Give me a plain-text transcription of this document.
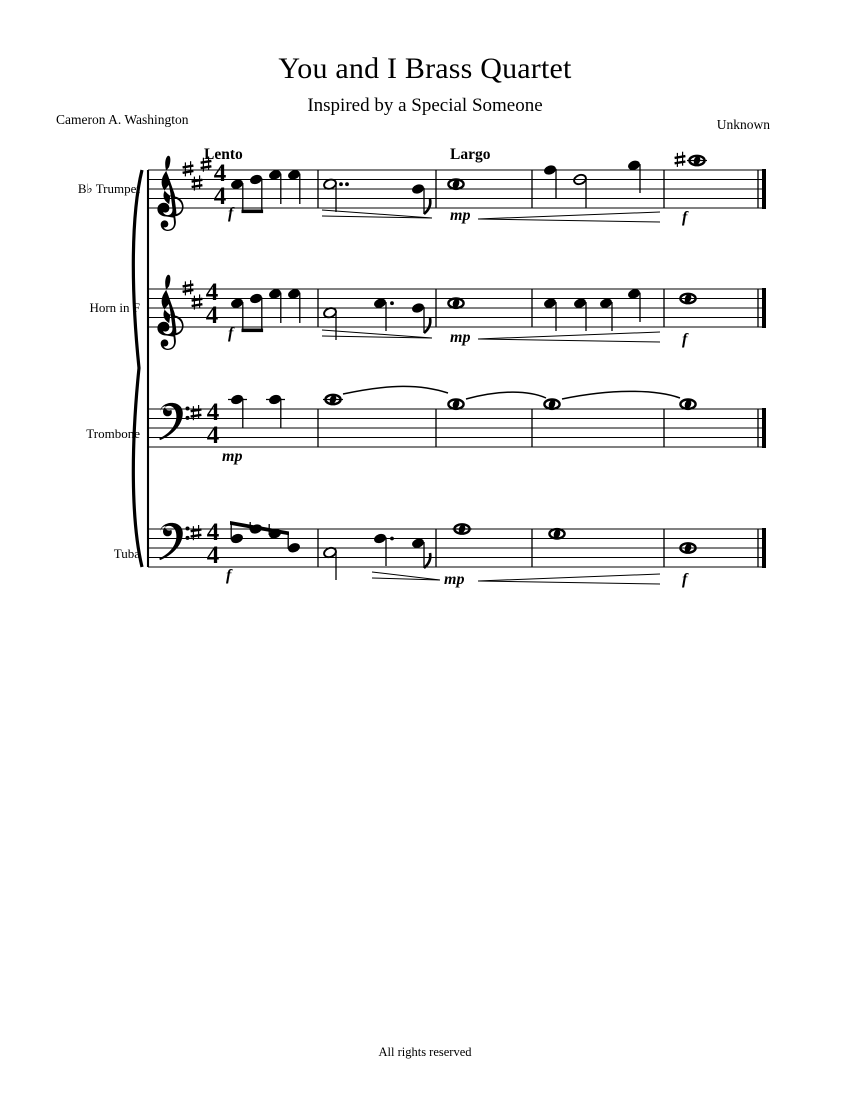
You and I Brass Quartet
Inspired by a Special Someone
Cameron A. Washington	Unknown
All rights reserved
B♭ Trumpet
Horn in F
Trombone
Tuba
Lento	Largo
f	mp	f
f	mp	f
mp
f	mp	f
4
4
4
4
4
4
4
4
